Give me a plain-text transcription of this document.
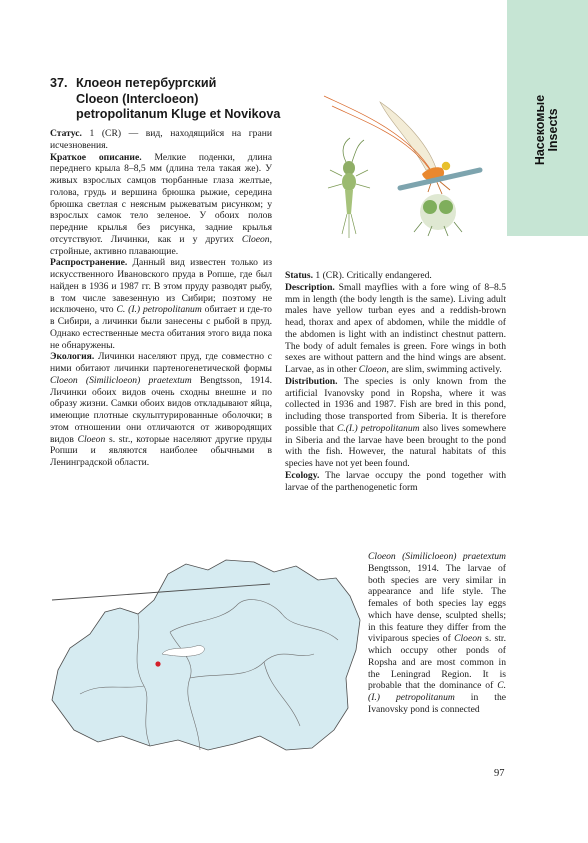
Насекомые Insects
37. Клоеон петербургский
Cloeon (Intercloeon)
petropolitanum Kluge et Novikova

Статус. 1 (CR) — вид, находящийся на грани исчезновения.

Краткое описание. Мелкие поденки, длина переднего крыла 8–8,5 мм (длина тела такая же). У живых взрослых самцов тюрбанные глаза желтые, голова, грудь и вершина брюшка рыжие, середина брюшка светлая с неясным рыжеватым рисунком; у взрослых самок тело зеленое. У обоих полов передние крылья без рисунка, задние крылья отсутствуют. Личинки, как и у других Cloeon, стройные, активно плавающие.

Распространение. Данный вид известен только из искусственного Ивановского пруда в Ропше, где был найден в 1936 и 1987 гг. В этом пруду разводят рыбу, в том числе завезенную из Сибири; поэтому не исключено, что C. (I.) petropolitanum обитает и где-то в Сибири, а личинки были занесены с рыбой в пруд. Однако естественные места обитания этого вида пока не обнаружены.

Экология. Личинки населяют пруд, где совместно с ними обитают личинки партеногенетической формы Cloeon (Similicloeon) praetextum Bengtsson, 1914. Личинки обоих видов очень сходны внешне и по образу жизни. Самки обоих видов откладывают яйца, имеющие плотные скульптурированные оболочки; в этом отношении они отличаются от живородящих видов Cloeon s. str., которые населяют другие пруды Ропши и являются наиболее обычными в Ленинградской области.

Status. 1 (CR). Critically endangered.

Description. Small mayflies with a fore wing of 8–8.5 mm in length (the body length is the same). Living adult males have yellow turban eyes and a reddish-brown head, thorax and apex of abdomen, while the middle of the abdomen is light with an indistinct chestnut pattern. The body of adult females is green. Fore wings in both sexes are without pattern and the hind wings are absent. Larvae, as in other Cloeon, are slim, swimming actively.

Distribution. The species is only known from the artificial Ivanovsky pond in Ropsha, where it was collected in 1936 and 1987. Fish are bred in this pond, including those transported from Siberia. It is therefore possible that C.(I.) petropolitanum also lives somewhere in Siberia and the larvae have been brought to the pond with the fish. However, the natural habitats of this species have not yet been found.

Ecology. The larvae occupy the pond together with larvae of the parthenogenetic form

Cloeon (Similicloeon) praetextum Bengtsson, 1914. The larvae of both species are very similar in appearance and life style. The females of both species lay eggs which have dense, sculpted shells; in this feature they differ from the viviparous species of Cloeon s. str. which occupy other ponds of Ropsha and are most common in the Leningrad Region. It is probable that the dominance of C.(I.) petropolitanum in the Ivanovsky pond is connected

97
